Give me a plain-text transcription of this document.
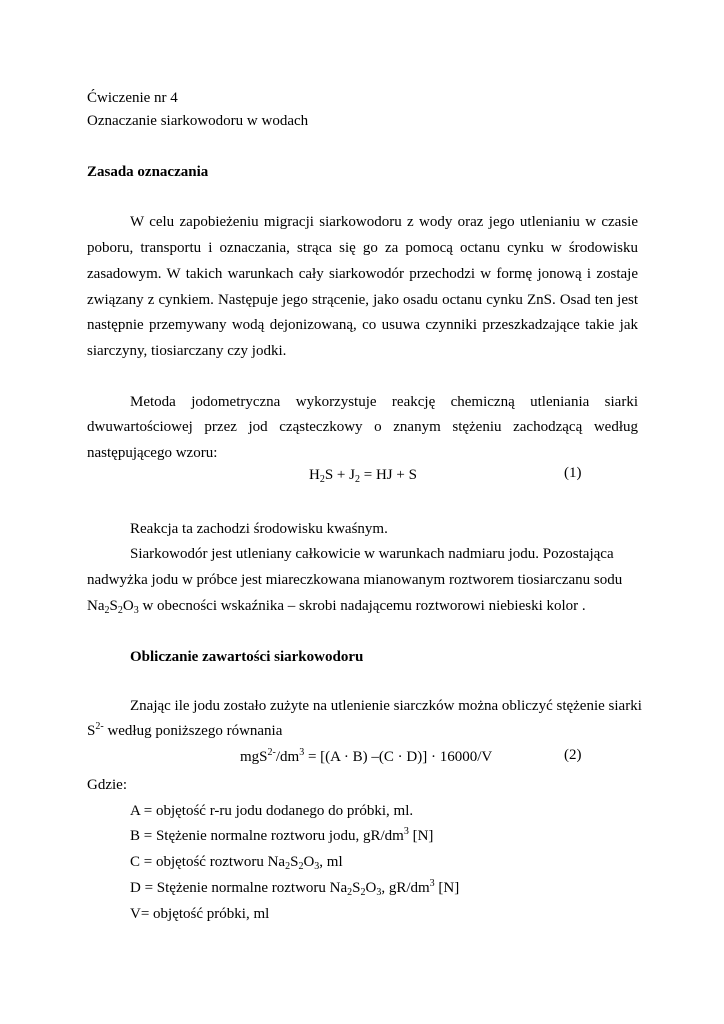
Ćwiczenie nr 4
Oznaczanie siarkowodoru w wodach
Zasada oznaczania
W celu zapobieżeniu migracji siarkowodoru z wody oraz jego utlenianiu w czasie
poboru, transportu i oznaczania, strąca się go za pomocą octanu cynku w środowisku
zasadowym. W takich warunkach cały siarkowodór przechodzi w formę jonową i zostaje
związany z cynkiem. Następuje jego strącenie, jako osadu octanu cynku ZnS. Osad ten jest
następnie przemywany wodą dejonizowaną, co usuwa czynniki przeszkadzające takie jak
siarczyny, tiosiarczany czy jodki.
Metoda jodometryczna wykorzystuje reakcję chemiczną utleniania siarki
dwuwartościowej przez jod cząsteczkowy o znanym stężeniu zachodzącą według
następującego wzoru:
$H_2S + J_2$ = HJ + S	(1)
Reakcja ta zachodzi środowisku kwaśnym.
Siarkowodór jest utleniany całkowicie w warunkach nadmiaru jodu. Pozostająca
nadwyżka jodu w próbce jest miareczkowana mianowanym roztworem tiosiarczanu sodu
$Na_2S_2O_3$ w obecności wskaźnika – skrobi nadającemu roztworowi niebieski kolor .
Obliczanie zawartości siarkowodoru
Znając ile jodu zostało zużyte na utlenienie siarczków można obliczyć stężenie siarki
$S^{2-}$ według poniższego równania
$mgS^{2-}/dm^3 = [(A \cdot B) -(C \cdot D)] \cdot 16000/V$	(2)
Gdzie:
A = objętość r-ru jodu dodanego do próbki, ml.
B = Stężenie normalne roztworu jodu, $gR/dm^3$ [N]
C = objętość roztworu $Na_2S_2O_3$, ml
D = Stężenie normalne roztworu $Na_2S_2O_3$, $gR/dm^3$ [N]
V= objętość próbki, ml
